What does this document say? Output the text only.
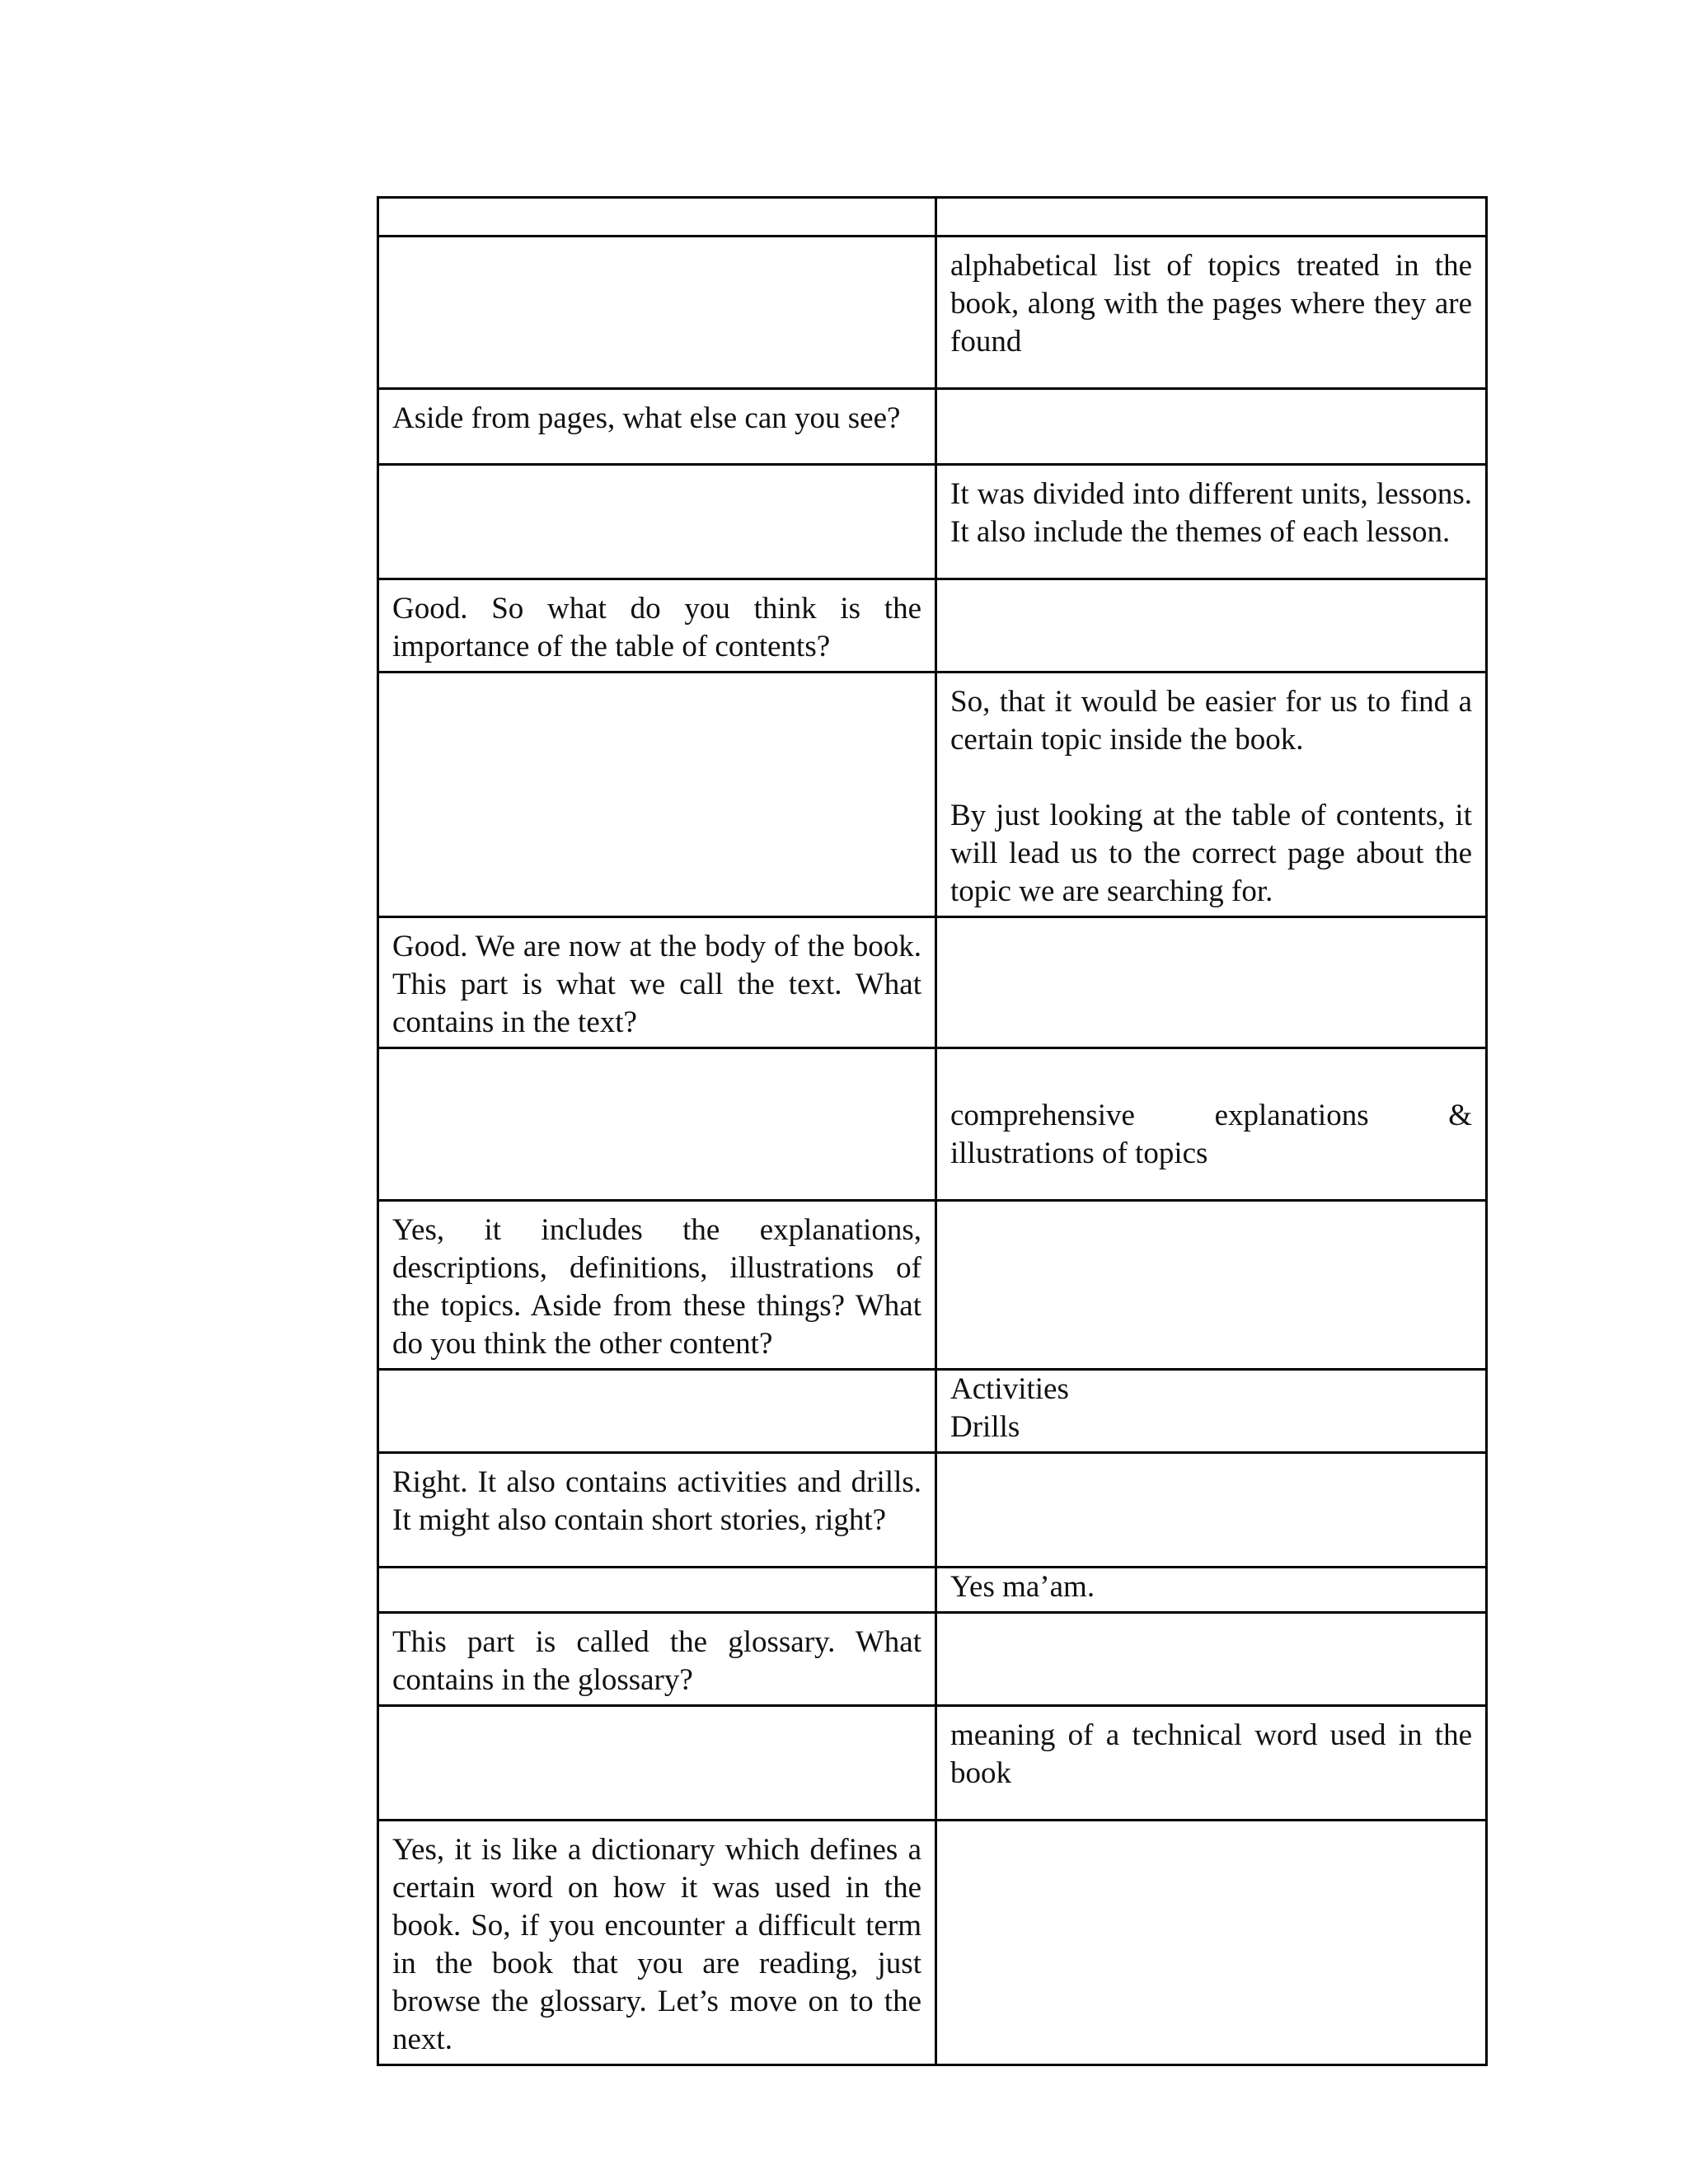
	alphabetical list of topics treated in the book, along with the pages where they are found

Aside from pages, what else can you see?	

	It was divided into different units, lessons. It also include the themes of each lesson.

Good. So what do you think is the importance of the table of contents?	

	So, that it would be easier for us to find a certain topic inside the book.
By just looking at the table of contents, it will lead us to the correct page about the topic we are searching for.

Good. We are now at the body of the book. This part is what we call the text. What contains in the text?	

	comprehensive explanations & illustrations of topics

Yes, it includes the explanations, descriptions, definitions, illustrations of the topics. Aside from these things? What do you think the other content?	

	Activities
Drills

Right. It also contains activities and drills. It might also contain short stories, right?	

	Yes ma’am.

This part is called the glossary. What contains in the glossary?	

	meaning of a technical word used in the book

Yes, it is like a dictionary which defines a certain word on how it was used in the book. So, if you encounter a difficult term in the book that you are reading, just browse the glossary. Let’s move on to the next.	
